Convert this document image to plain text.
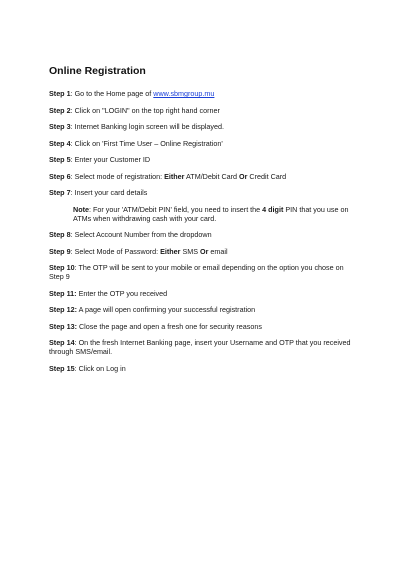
Online Registration
Step 1: Go to the Home page of www.sbmgroup.mu
Step 2: Click on "LOGIN" on the top right hand corner
Step 3: Internet Banking login screen will be displayed.
Step 4: Click on 'First Time User – Online Registration'
Step 5: Enter your Customer ID
Step 6: Select mode of registration: Either ATM/Debit Card Or Credit Card
Step 7: Insert your card details
Note: For your 'ATM/Debit PIN' field, you need to insert the 4 digit PIN that you use on ATMs when withdrawing cash with your card.
Step 8: Select Account Number from the dropdown
Step 9: Select Mode of Password: Either SMS Or email
Step 10: The OTP will be sent to your mobile or email depending on the option you chose on Step 9
Step 11: Enter the OTP you received
Step 12: A page will open confirming your successful registration
Step 13: Close the page and open a fresh one for security reasons
Step 14: On the fresh Internet Banking page, insert your Username and OTP that you received through SMS/email.
Step 15: Click on Log in
